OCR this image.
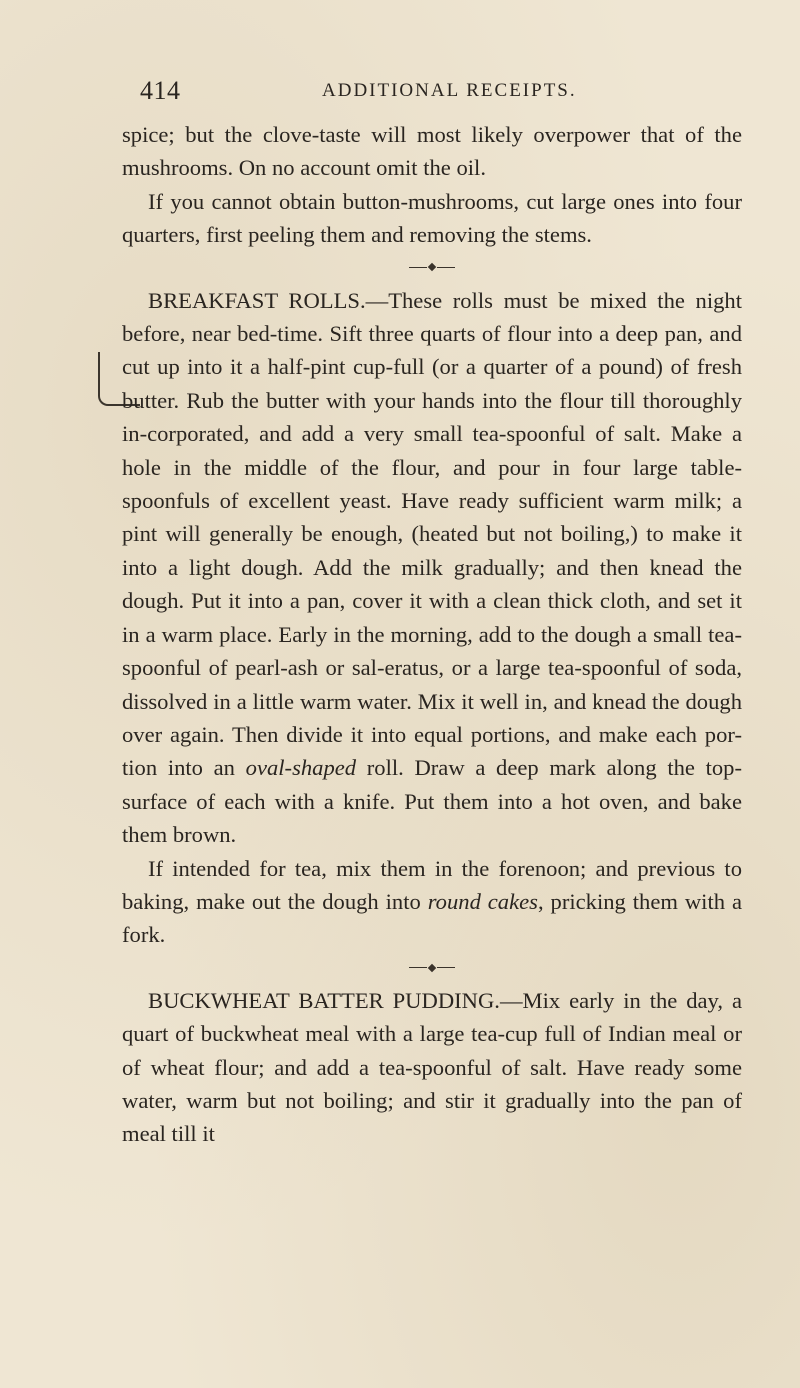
414	ADDITIONAL RECEIPTS.

spice; but the clove-taste will most likely overpower that of the mushrooms. On no account omit the oil.

If you cannot obtain button-mushrooms, cut large ones into four quarters, first peeling them and removing the stems.

BREAKFAST ROLLS.—These rolls must be mixed the night before, near bed-time. Sift three quarts of flour into a deep pan, and cut up into it a half-pint cup-full (or a quarter of a pound) of fresh butter. Rub the butter with your hands into the flour till thoroughly in-corporated, and add a very small tea-spoonful of salt. Make a hole in the middle of the flour, and pour in four large table-spoonfuls of excellent yeast. Have ready sufficient warm milk; a pint will generally be enough, (heated but not boiling,) to make it into a light dough. Add the milk gradually; and then knead the dough. Put it into a pan, cover it with a clean thick cloth, and set it in a warm place. Early in the morning, add to the dough a small tea-spoonful of pearl-ash or sal-eratus, or a large tea-spoonful of soda, dissolved in a little warm water. Mix it well in, and knead the dough over again. Then divide it into equal portions, and make each por-tion into an oval-shaped roll. Draw a deep mark along the top-surface of each with a knife. Put them into a hot oven, and bake them brown.

If intended for tea, mix them in the forenoon; and previous to baking, make out the dough into round cakes, pricking them with a fork.

BUCKWHEAT BATTER PUDDING.—Mix early in the day, a quart of buckwheat meal with a large tea-cup full of Indian meal or of wheat flour; and add a tea-spoonful of salt. Have ready some water, warm but not boiling; and stir it gradually into the pan of meal till it
